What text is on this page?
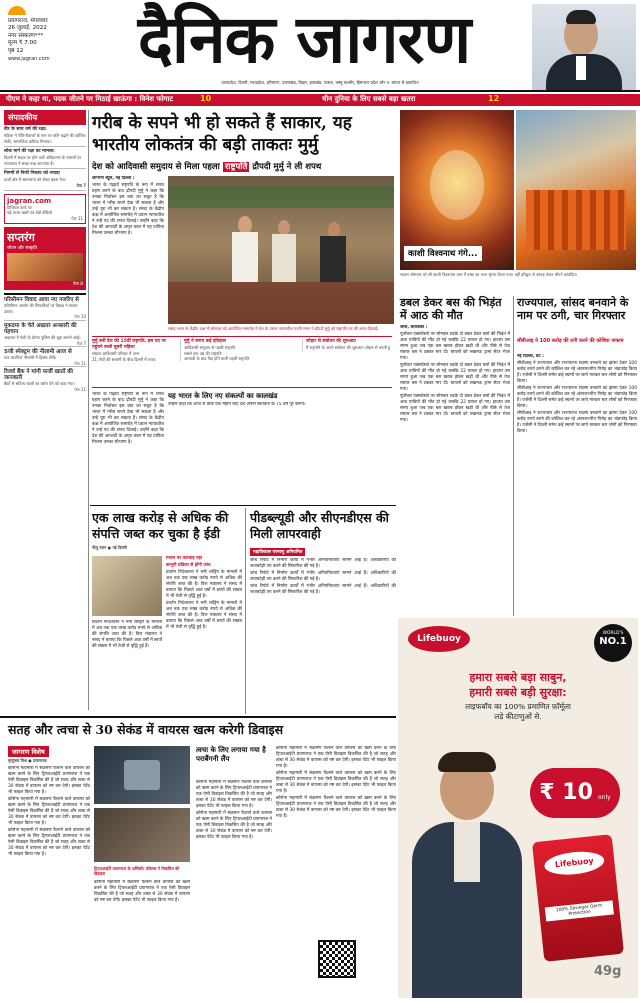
प्रयागराज, मंगलवार
26 जुलाई, 2022
नगर संस्करण***
मूल्य ₹ 7.00
पृष्ठ 12
www.jagran.com	दैनिक जागरण
उत्तरप्रदेश, दिल्ली, मध्यप्रदेश, हरियाणा, उत्तराखंड, बिहार, झारखंड, पंजाब, जम्मू कश्मीर, हिमाचल प्रदेश और प. बंगाल से प्रकाशित
पीएम ने कहा था, पदक जीतने पर मिठाई खाऊंगा : विनेश फोगाट	10	चीन दुनिया के लिए सबसे बड़ा खतरा	12
संपादकीय
वीर के साथ धर्म की रक्षा:
महिला ने रीति-रिवाजों के नाम पर बलि चढ़ाने की कोशिश रोकी, सामाजिक दायित्व निभाया।
लोक मार्ग की रक्षा का मामला:
दिल्ली में सड़क पर होने वाले अतिक्रमण के मामलों पर न्यायालय ने सख्त रुख अपनाया है।
निगमों से निजी निकाय को ज्यादा
ऊर्जा क्षेत्र में स्वायत्तता को लेकर बहस तेज।
पेज 7
jagran.com
डिजिटल वर्ल्ड पर
पढ़ें ताजा खबरें एवं देखें वीडियो
पेज 11
सप्तरंग
जीवन और संस्कृति
पेज 8
परिसीमन विवाद आया नए नजरिए से
परिसीमन आयोग की सिफारिशों पर विपक्ष ने सवाल उठाए।
पेज 10
मुकदमा के चेते अख्तार अनसारी की पहचान
अदालत में पेशी के दौरान पुलिस की चूक सामने आई।
पेज 7
5जी स्पेक्ट्रम की नीलामी आज से
चार कंपनियां नीलामी में हिस्सा लेंगी।
पेज 11
रिजर्व बैंक ने मांगी फर्जी खातों की जानकारी
बैंकों से संदिग्ध खातों का ब्योरा देने को कहा गया।
पेज 11
गरीब के सपने भी हो सकते हैं साकार, यह भारतीय लोकतंत्र की बड़ी ताकतः मुर्मु
देश को आदिवासी समुदाय से मिला पहला राष्ट्रपति द्रौपदी मुर्मु ने ली शपथ

जागरण ब्यूरो, नई दिल्ली :

भारत के पंद्रहवें राष्ट्रपति के रूप में शपथ ग्रहण करने के बाद द्रौपदी मुर्मु ने कहा कि उनका निर्वाचन इस बात का सबूत है कि भारत में गरीब सपने देख भी सकता है और उन्हें पूरा भी कर सकता है। संसद के केंद्रीय कक्ष में आयोजित समारोह में प्रधान न्यायाधीश ने उन्हें पद की शपथ दिलाई। उन्होंने कहा कि देश की आजादी के अमृत काल में यह दायित्व मिलना उनका सौभाग्य है।

संसद भवन के केंद्रीय कक्ष में सोमवार को आयोजित समारोह में देश के प्रधान न्यायाधीश एनवी रमना ने द्रौपदी मुर्मु को राष्ट्रपति पद की शपथ दिलाई।
मुर्मु बनीं देश की 15वीं राष्ट्रपति, इस पद पर पहुंचने वाली दूसरी महिला
संथाल आदिवासी परिवार में जन्म
21 तोपों की सलामी के बीच दिल्ली में शपथ
मुर्मु ने बनाए कई इतिहास
आदिवासी समुदाय से पहली राष्ट्रपति
सबसे कम उम्र की राष्ट्रपति
आजादी के बाद पैदा होने वाली पहली राष्ट्रपति
जोहार से संबोधन की शुरुआत
मैं राष्ट्रपति के अपने संबोधन की शुरुआत जोहार से करती हूं
यह भारत के लिए नए संकल्पों का कालखंड
उन्होंने कहा कि आज से ठीक एक महीने बाद देश अपनी स्वतंत्रता के 75 वर्ष पूरे करेगा।
भारत के पंद्रहवें राष्ट्रपति के रूप में शपथ ग्रहण करने के बाद द्रौपदी मुर्मु ने कहा कि उनका निर्वाचन इस बात का सबूत है कि भारत में गरीब सपने देख भी सकता है और उन्हें पूरा भी कर सकता है। संसद के केंद्रीय कक्ष में आयोजित समारोह में प्रधान न्यायाधीश ने उन्हें पद की शपथ दिलाई। उन्होंने कहा कि देश की आजादी के अमृत काल में यह दायित्व मिलना उनका सौभाग्य है।
काशी विश्वनाथ गंगे...
श्रावण सोमवार को श्री काशी विश्वनाथ धाम में बाबा का भव्य श्रृंगार किया गया। वहीं हरिद्वार से कांवड़ लेकर लौटते कांवड़िए।
डबल डेकर बस की भिड़ंत में आठ की मौत

जासं, बाराबंकी :

पूर्वांचल एक्सप्रेसवे पर सोमवार तड़के दो डबल डेकर बसों की भिड़ंत में आठ यात्रियों की मौत हो गई जबकि 22 घायल हो गए। हादसा उस समय हुआ जब एक बस खराब होकर खड़ी थी और पीछे से तेज रफ्तार बस ने टक्कर मार दी। घायलों को लखनऊ ट्रामा सेंटर भेजा गया।

पूर्वांचल एक्सप्रेसवे पर सोमवार तड़के दो डबल डेकर बसों की भिड़ंत में आठ यात्रियों की मौत हो गई जबकि 22 घायल हो गए। हादसा उस समय हुआ जब एक बस खराब होकर खड़ी थी और पीछे से तेज रफ्तार बस ने टक्कर मार दी। घायलों को लखनऊ ट्रामा सेंटर भेजा गया।

पूर्वांचल एक्सप्रेसवे पर सोमवार तड़के दो डबल डेकर बसों की भिड़ंत में आठ यात्रियों की मौत हो गई जबकि 22 घायल हो गए। हादसा उस समय हुआ जब एक बस खराब होकर खड़ी थी और पीछे से तेज रफ्तार बस ने टक्कर मार दी। घायलों को लखनऊ ट्रामा सेंटर भेजा गया।

राज्यपाल, सांसद बनवाने के नाम पर ठगी, चार गिरफ्तार
सीबीआइ ने 100 करोड़ की ठगी करने की कोशिश नाकाम

नई दिल्ली, प्रेट :

सीबीआइ ने राज्यपाल और राज्यसभा सदस्य बनवाने का झांसा देकर 100 करोड़ रुपये ठगने की कोशिश कर रहे अंतरराज्यीय गिरोह का भंडाफोड़ किया है। एजेंसी ने दिल्ली समेत कई स्थानों पर छापे मारकर चार लोगों को गिरफ्तार किया।

सीबीआइ ने राज्यपाल और राज्यसभा सदस्य बनवाने का झांसा देकर 100 करोड़ रुपये ठगने की कोशिश कर रहे अंतरराज्यीय गिरोह का भंडाफोड़ किया है। एजेंसी ने दिल्ली समेत कई स्थानों पर छापे मारकर चार लोगों को गिरफ्तार किया।

सीबीआइ ने राज्यपाल और राज्यसभा सदस्य बनवाने का झांसा देकर 100 करोड़ रुपये ठगने की कोशिश कर रहे अंतरराज्यीय गिरोह का भंडाफोड़ किया है। एजेंसी ने दिल्ली समेत कई स्थानों पर छापे मारकर चार लोगों को गिरफ्तार किया।

एक लाख करोड़ से अधिक की संपत्ति जब्त कर चुका है ईडी
नीलू रंजन ● नई दिल्ली

मिलने पर कार्रवाई नहीं

कानूनी प्रक्रिया से होगी जांच

प्रवर्तन निदेशालय ने मनी लांड्रिंग के मामलों में अब तक एक लाख करोड़ रुपये से अधिक की संपत्ति जब्त की है। वित्त मंत्रालय ने संसद में बताया कि पिछले आठ वर्षों में छापों की संख्या में भी तेजी से वृद्धि हुई है।

प्रवर्तन निदेशालय ने मनी लांड्रिंग के मामलों में अब तक एक लाख करोड़ रुपये से अधिक की संपत्ति जब्त की है। वित्त मंत्रालय ने संसद में बताया कि पिछले आठ वर्षों में छापों की संख्या में भी तेजी से वृद्धि हुई है।

प्रवर्तन निदेशालय ने मनी लांड्रिंग के मामलों में अब तक एक लाख करोड़ रुपये से अधिक की संपत्ति जब्त की है। वित्त मंत्रालय ने संसद में बताया कि पिछले आठ वर्षों में छापों की संख्या में भी तेजी से वृद्धि हुई है।
पीडब्ल्यूडी और सीएनडीएस की मिली लापरवाही
महाविकास परमाणु अनियमित

जांच रिपोर्ट में निर्माण कार्यों में गंभीर अनियमितताएं सामने आई हैं। अधिकारियों की जवाबदेही तय करने की सिफारिश की गई है।

जांच रिपोर्ट में निर्माण कार्यों में गंभीर अनियमितताएं सामने आई हैं। अधिकारियों की जवाबदेही तय करने की सिफारिश की गई है।

जांच रिपोर्ट में निर्माण कार्यों में गंभीर अनियमितताएं सामने आई हैं। अधिकारियों की जवाबदेही तय करने की सिफारिश की गई है।

Lifebuoy
WORLD'S
NO.1
हमारा सबसे बड़ा साबुन,
हमारी सबसे बड़ी सुरक्षा:
लाइफबॉय का 100% प्रमाणित फ़ॉर्मूला
लड़े कीटाणुओं से.
₹ 10 only
Lifebuoy
100% Stronger Germ Protection
49g
सतह और त्वचा से 30 सेकंड में वायरस खत्म करेगी डिवाइस
जागरण विशेष
मृत्युंजय मिश्र ● प्रयागराज

कोरोना महामारी में संक्रमण फैलाने वाले वायरस को खत्म करने के लिए ट्रिपलआईटी प्रयागराज ने एक ऐसी डिवाइस विकसित की है जो सतह और त्वचा से 30 सेकंड में वायरस को नष्ट कर देगी। इसका पेटेंट भी फाइल किया गया है।

कोरोना महामारी में संक्रमण फैलाने वाले वायरस को खत्म करने के लिए ट्रिपलआईटी प्रयागराज ने एक ऐसी डिवाइस विकसित की है जो सतह और त्वचा से 30 सेकंड में वायरस को नष्ट कर देगी। इसका पेटेंट भी फाइल किया गया है।

कोरोना महामारी में संक्रमण फैलाने वाले वायरस को खत्म करने के लिए ट्रिपलआईटी प्रयागराज ने एक ऐसी डिवाइस विकसित की है जो सतह और त्वचा से 30 सेकंड में वायरस को नष्ट कर देगी। इसका पेटेंट भी फाइल किया गया है।

ट्रिपलआईटी प्रयागराज के असिस्टेंट प्रोफेसर ने विकसित की डिवाइस
कोरोना महामारी में संक्रमण फैलाने वाले वायरस को खत्म करने के लिए ट्रिपलआईटी प्रयागराज ने एक ऐसी डिवाइस विकसित की है जो सतह और त्वचा से 30 सेकंड में वायरस को नष्ट कर देगी। इसका पेटेंट भी फाइल किया गया है।
त्वचा के लिए लगाया गया है पराबैंगनी लैंप

कोरोना महामारी में संक्रमण फैलाने वाले वायरस को खत्म करने के लिए ट्रिपलआईटी प्रयागराज ने एक ऐसी डिवाइस विकसित की है जो सतह और त्वचा से 30 सेकंड में वायरस को नष्ट कर देगी। इसका पेटेंट भी फाइल किया गया है।

कोरोना महामारी में संक्रमण फैलाने वाले वायरस को खत्म करने के लिए ट्रिपलआईटी प्रयागराज ने एक ऐसी डिवाइस विकसित की है जो सतह और त्वचा से 30 सेकंड में वायरस को नष्ट कर देगी। इसका पेटेंट भी फाइल किया गया है।

कोरोना महामारी में संक्रमण फैलाने वाले वायरस को खत्म करने के लिए ट्रिपलआईटी प्रयागराज ने एक ऐसी डिवाइस विकसित की है जो सतह और त्वचा से 30 सेकंड में वायरस को नष्ट कर देगी। इसका पेटेंट भी फाइल किया गया है।

कोरोना महामारी में संक्रमण फैलाने वाले वायरस को खत्म करने के लिए ट्रिपलआईटी प्रयागराज ने एक ऐसी डिवाइस विकसित की है जो सतह और त्वचा से 30 सेकंड में वायरस को नष्ट कर देगी। इसका पेटेंट भी फाइल किया गया है।

कोरोना महामारी में संक्रमण फैलाने वाले वायरस को खत्म करने के लिए ट्रिपलआईटी प्रयागराज ने एक ऐसी डिवाइस विकसित की है जो सतह और त्वचा से 30 सेकंड में वायरस को नष्ट कर देगी। इसका पेटेंट भी फाइल किया गया है।
